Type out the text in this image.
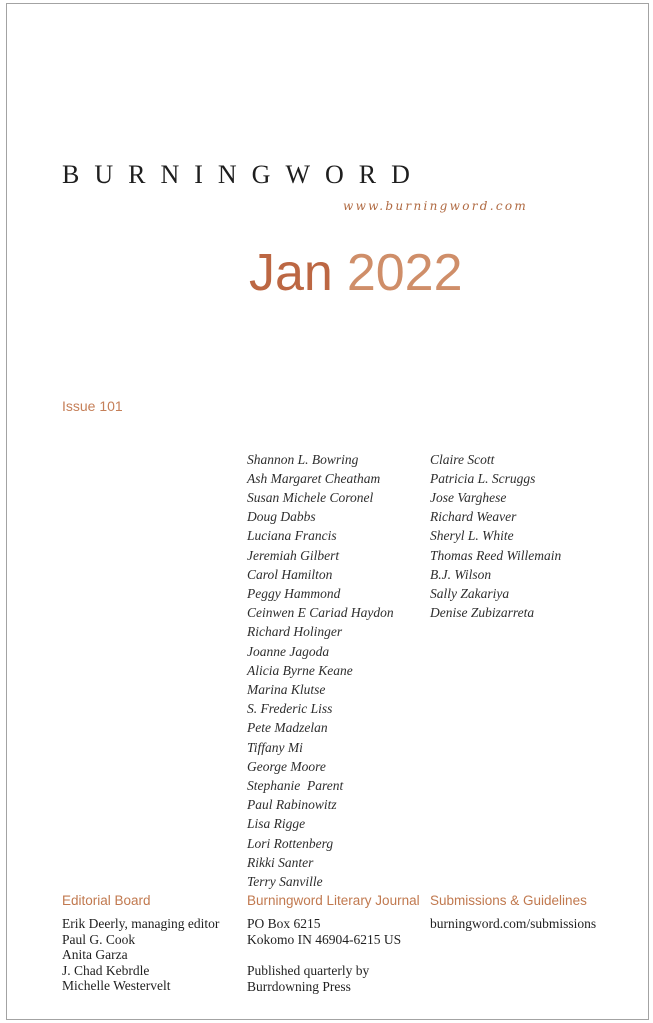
BURNINGWORD
www.burningword.com
Jan 2022
Issue 101

Shannon L. Bowring
Ash Margaret Cheatham
Susan Michele Coronel
Doug Dabbs
Luciana Francis
Jeremiah Gilbert
Carol Hamilton
Peggy Hammond
Ceinwen E Cariad Haydon
Richard Holinger
Joanne Jagoda
Alicia Byrne Keane
Marina Klutse
S. Frederic Liss
Pete Madzelan
Tiffany Mi
George Moore
Stephanie  Parent
Paul Rabinowitz
Lisa Rigge
Lori Rottenberg
Rikki Santer
Terry Sanville

Claire Scott
Patricia L. Scruggs
Jose Varghese
Richard Weaver
Sheryl L. White
Thomas Reed Willemain
B.J. Wilson
Sally Zakariya
Denise Zubizarreta
Editorial Board
Erik Deerly, managing editor
Paul G. Cook
Anita Garza
J. Chad Kebrdle
Michelle Westervelt
Burningword Literary Journal
PO Box 6215
Kokomo IN 46904-6215 US
Published quarterly by
Burrdowning Press
Submissions & Guidelines
burningword.com/submissions
